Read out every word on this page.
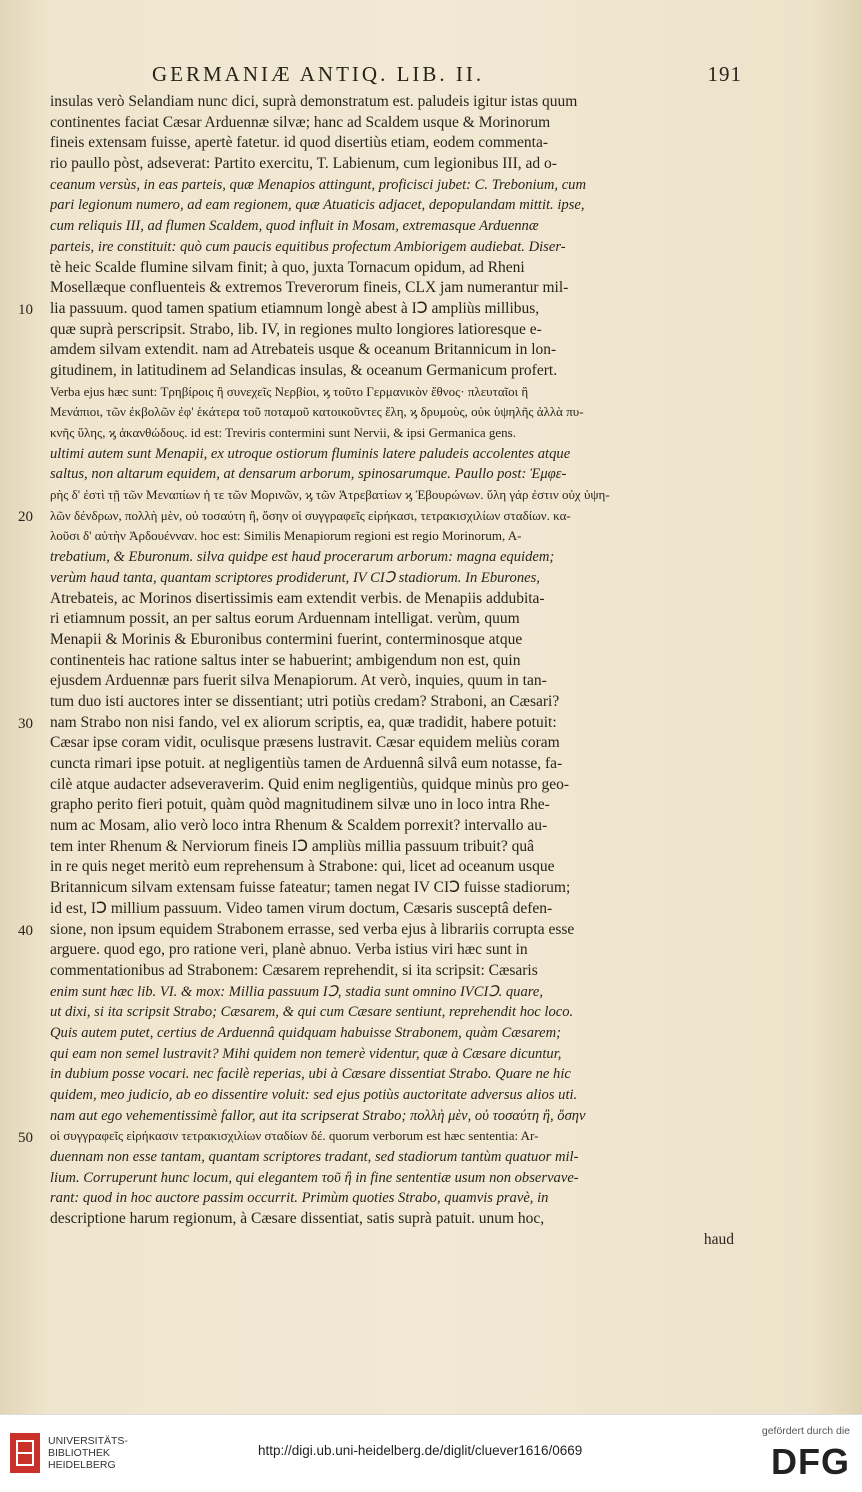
GERMANIÆ ANTIQ. LIB. II.	191
10
20
30
40
50
insulas verò Selandiam nunc dici, suprà demonstratum est. paludeis igitur istas quum
continentes faciat Cæsar Arduennæ silvæ; hanc ad Scaldem usque & Morinorum
fineis extensam fuisse, apertè fatetur. id quod disertiùs etiam, eodem commenta-
rio paullo pòst, adseverat: Partito exercitu, T. Labienum, cum legionibus III, ad o-
ceanum versùs, in eas parteis, quæ Menapios attingunt, proficisci jubet: C. Trebonium, cum
pari legionum numero, ad eam regionem, quæ Atuaticis adjacet, depopulandam mittit. ipse,
cum reliquis III, ad flumen Scaldem, quod influit in Mosam, extremasque Arduennæ
parteis, ire constituit: quò cum paucis equitibus profectum Ambiorigem audiebat. Diser-
tè heic Scalde flumine silvam finit; à quo, juxta Tornacum opidum, ad Rheni
Mosellæque confluenteis & extremos Treverorum fineis, CLX jam numerantur mil-
lia passuum. quod tamen spatium etiamnum longè abest à IↃ ampliùs millibus,
quæ suprà perscripsit. Strabo, lib. IV, in regiones multo longiores latioresque e-
amdem silvam extendit. nam ad Atrebateis usque & oceanum Britannicum in lon-
gitudinem, in latitudinem ad Selandicas insulas, & oceanum Germanicum profert.
Verba ejus hæc sunt: Τρηβίροις ἢ συνεχεῖς Νερβίοι, ϗ τοῦτο Γερμανικὸν ἔθνος· πλευταῖοι ἢ
Μενάπιοι, τῶν ἐκβολῶν ἐφ' ἑκάτερα τοῦ ποταμοῦ κατοικοῦντες ἕλη, ϗ δρυμοὺς, οὐκ ὑψηλῆς ἀλλὰ πυ-
κνῆς ὕλης, ϗ ἀκανθώδους. id est: Treviris contermini sunt Nervii, & ipsi Germanica gens.
ultimi autem sunt Menapii, ex utroque ostiorum fluminis latere paludeis accolentes atque
saltus, non altarum equidem, at densarum arborum, spinosarumque. Paullo post: Ἐμφε-
ρὴς δ' ἐστὶ τῇ τῶν Μεναπίων ἡ τε τῶν Μορινῶν, ϗ τῶν Ἀτρεβατίων ϗ Ἐβουρώνων. ὕλη γάρ ἐστιν οὐχ ὑψη-
λῶν δένδρων, πολλὴ μὲν, οὐ τοσαύτη ἢ, ὅσην οἱ συγγραφεῖς εἰρήκασι, τετρακισχιλίων σταδίων. κα-
λοῦσι δ' αὐτὴν Ἀρδουένναν. hoc est: Similis Menapiorum regioni est regio Morinorum, A-
trebatium, & Eburonum. silva quidpe est haud procerarum arborum: magna equidem;
verùm haud tanta, quantam scriptores prodiderunt, IV CIↃ stadiorum. In Eburones,
Atrebateis, ac Morinos disertissimis eam extendit verbis. de Menapiis addubita-
ri etiamnum possit, an per saltus eorum Arduennam intelligat. verùm, quum
Menapii & Morinis & Eburonibus contermini fuerint, conterminosque atque
continenteis hac ratione saltus inter se habuerint; ambigendum non est, quin
ejusdem Arduennæ pars fuerit silva Menapiorum. At verò, inquies, quum in tan-
tum duo isti auctores inter se dissentiant; utri potiùs credam? Straboni, an Cæsari?
nam Strabo non nisi fando, vel ex aliorum scriptis, ea, quæ tradidit, habere potuit:
Cæsar ipse coram vidit, oculisque præsens lustravit. Cæsar equidem meliùs coram
cuncta rimari ipse potuit. at negligentiùs tamen de Arduennâ silvâ eum notasse, fa-
cilè atque audacter adseveraverim. Quid enim negligentiùs, quidque minùs pro geo-
grapho perito fieri potuit, quàm quòd magnitudinem silvæ uno in loco intra Rhe-
num ac Mosam, alio verò loco intra Rhenum & Scaldem porrexit? intervallo au-
tem inter Rhenum & Nerviorum fineis IↃ ampliùs millia passuum tribuit? quâ
in re quis neget meritò eum reprehensum à Strabone: qui, licet ad oceanum usque
Britannicum silvam extensam fuisse fateatur; tamen negat IV CIↃ fuisse stadiorum;
id est, IↃ millium passuum. Video tamen virum doctum, Cæsaris susceptâ defen-
sione, non ipsum equidem Strabonem errasse, sed verba ejus à librariis corrupta esse
arguere. quod ego, pro ratione veri, planè abnuo. Verba istius viri hæc sunt in
commentationibus ad Strabonem: Cæsarem reprehendit, si ita scripsit: Cæsaris
enim sunt hæc lib. VI. & mox: Millia passuum IↃ, stadia sunt omnino IVCIↃ. quare,
ut dixi, si ita scripsit Strabo; Cæsarem, & qui cum Cæsare sentiunt, reprehendit hoc loco.
Quis autem putet, certius de Arduennâ quidquam habuisse Strabonem, quàm Cæsarem;
qui eam non semel lustravit? Mihi quidem non temerè videntur, quæ à Cæsare dicuntur,
in dubium posse vocari. nec facilè reperias, ubi à Cæsare dissentiat Strabo. Quare ne hic
quidem, meo judicio, ab eo dissentire voluit: sed ejus potiùs auctoritate adversus alios uti.
nam aut ego vehementissimè fallor, aut ita scripserat Strabo; πολλὴ μὲν, οὐ τοσαύτη ἢ, ὅσην
οἱ συγγραφεῖς εἰρήκασιν τετρακισχιλίων σταδίων δέ. quorum verborum est hæc sententia: Ar-
duennam non esse tantam, quantam scriptores tradant, sed stadiorum tantùm quatuor mil-
lium. Corruperunt hunc locum, qui elegantem τοῦ ἢ in fine sententiæ usum non observave-
rant: quod in hoc auctore passim occurrit. Primùm quoties Strabo, quamvis pravè, in
descriptione harum regionum, à Cæsare dissentiat, satis suprà patuit. unum hoc,
haud
UNIVERSITÄTS-
BIBLIOTHEK
HEIDELBERG
http://digi.ub.uni-heidelberg.de/diglit/cluever1616/0669
gefördert durch die
DFG
